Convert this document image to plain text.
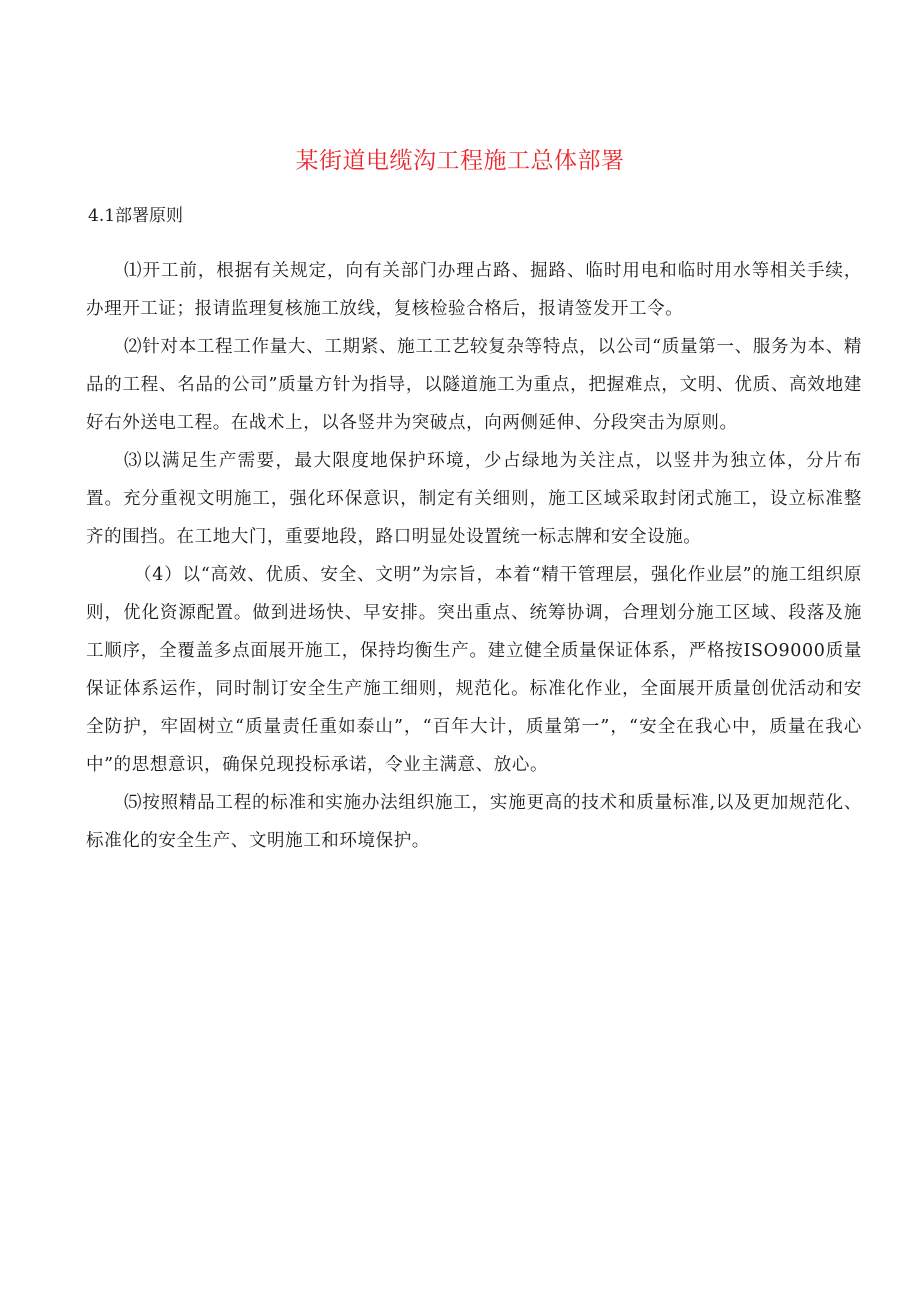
某街道电缆沟工程施工总体部署
4.1部署原则

⑴开工前，根据有关规定，向有关部门办理占路、掘路、临时用电和临时用水等相关手续，办理开工证；报请监理复核施工放线，复核检验合格后，报请签发开工令。

⑵针对本工程工作量大、工期紧、施工工艺较复杂等特点，以公司“质量第一、服务为本、精品的工程、名品的公司”质量方针为指导，以隧道施工为重点，把握难点，文明、优质、高效地建好右外送电工程。在战术上，以各竖井为突破点，向两侧延伸、分段突击为原则。

⑶以满足生产需要，最大限度地保护环境，少占绿地为关注点，以竖井为独立体，分片布置。充分重视文明施工，强化环保意识，制定有关细则，施工区域采取封闭式施工，设立标准整齐的围挡。在工地大门，重要地段，路口明显处设置统一标志牌和安全设施。

（4）以“高效、优质、安全、文明”为宗旨，本着“精干管理层，强化作业层”的施工组织原则，优化资源配置。做到进场快、早安排。突出重点、统筹协调，合理划分施工区域、段落及施工顺序，全覆盖多点面展开施工，保持均衡生产。建立健全质量保证体系，严格按ISO9000质量保证体系运作，同时制订安全生产施工细则，规范化。标准化作业，全面展开质量创优活动和安全防护，牢固树立“质量责任重如泰山”，“百年大计，质量第一”，“安全在我心中，质量在我心中”的思想意识，确保兑现投标承诺，令业主满意、放心。

⑸按照精品工程的标准和实施办法组织施工，实施更高的技术和质量标准,以及更加规范化、标准化的安全生产、文明施工和环境保护。
